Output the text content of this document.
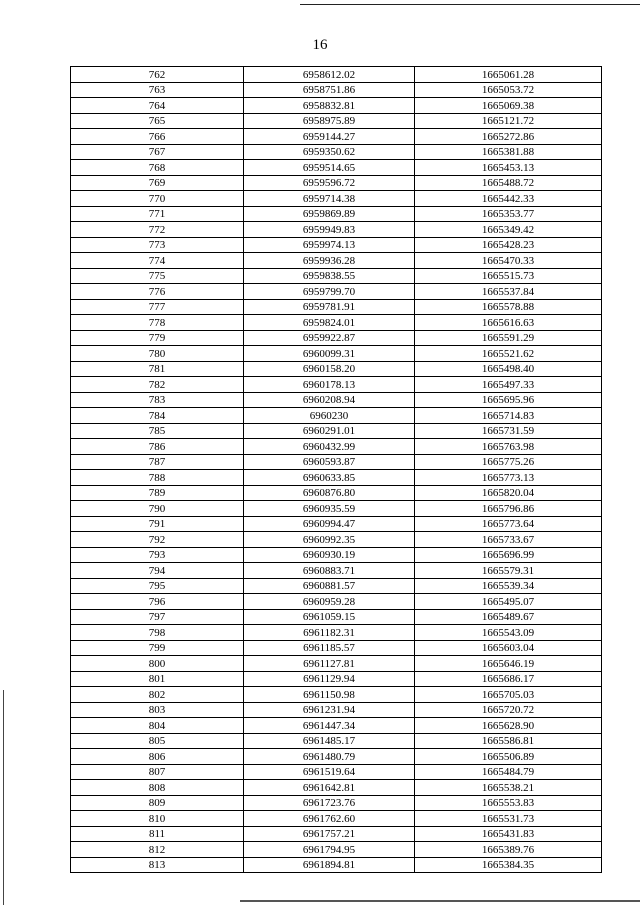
16
762	6958612.02	1665061.28
763	6958751.86	1665053.72
764	6958832.81	1665069.38
765	6958975.89	1665121.72
766	6959144.27	1665272.86
767	6959350.62	1665381.88
768	6959514.65	1665453.13
769	6959596.72	1665488.72
770	6959714.38	1665442.33
771	6959869.89	1665353.77
772	6959949.83	1665349.42
773	6959974.13	1665428.23
774	6959936.28	1665470.33
775	6959838.55	1665515.73
776	6959799.70	1665537.84
777	6959781.91	1665578.88
778	6959824.01	1665616.63
779	6959922.87	1665591.29
780	6960099.31	1665521.62
781	6960158.20	1665498.40
782	6960178.13	1665497.33
783	6960208.94	1665695.96
784	6960230	1665714.83
785	6960291.01	1665731.59
786	6960432.99	1665763.98
787	6960593.87	1665775.26
788	6960633.85	1665773.13
789	6960876.80	1665820.04
790	6960935.59	1665796.86
791	6960994.47	1665773.64
792	6960992.35	1665733.67
793	6960930.19	1665696.99
794	6960883.71	1665579.31
795	6960881.57	1665539.34
796	6960959.28	1665495.07
797	6961059.15	1665489.67
798	6961182.31	1665543.09
799	6961185.57	1665603.04
800	6961127.81	1665646.19
801	6961129.94	1665686.17
802	6961150.98	1665705.03
803	6961231.94	1665720.72
804	6961447.34	1665628.90
805	6961485.17	1665586.81
806	6961480.79	1665506.89
807	6961519.64	1665484.79
808	6961642.81	1665538.21
809	6961723.76	1665553.83
810	6961762.60	1665531.73
811	6961757.21	1665431.83
812	6961794.95	1665389.76
813	6961894.81	1665384.35
